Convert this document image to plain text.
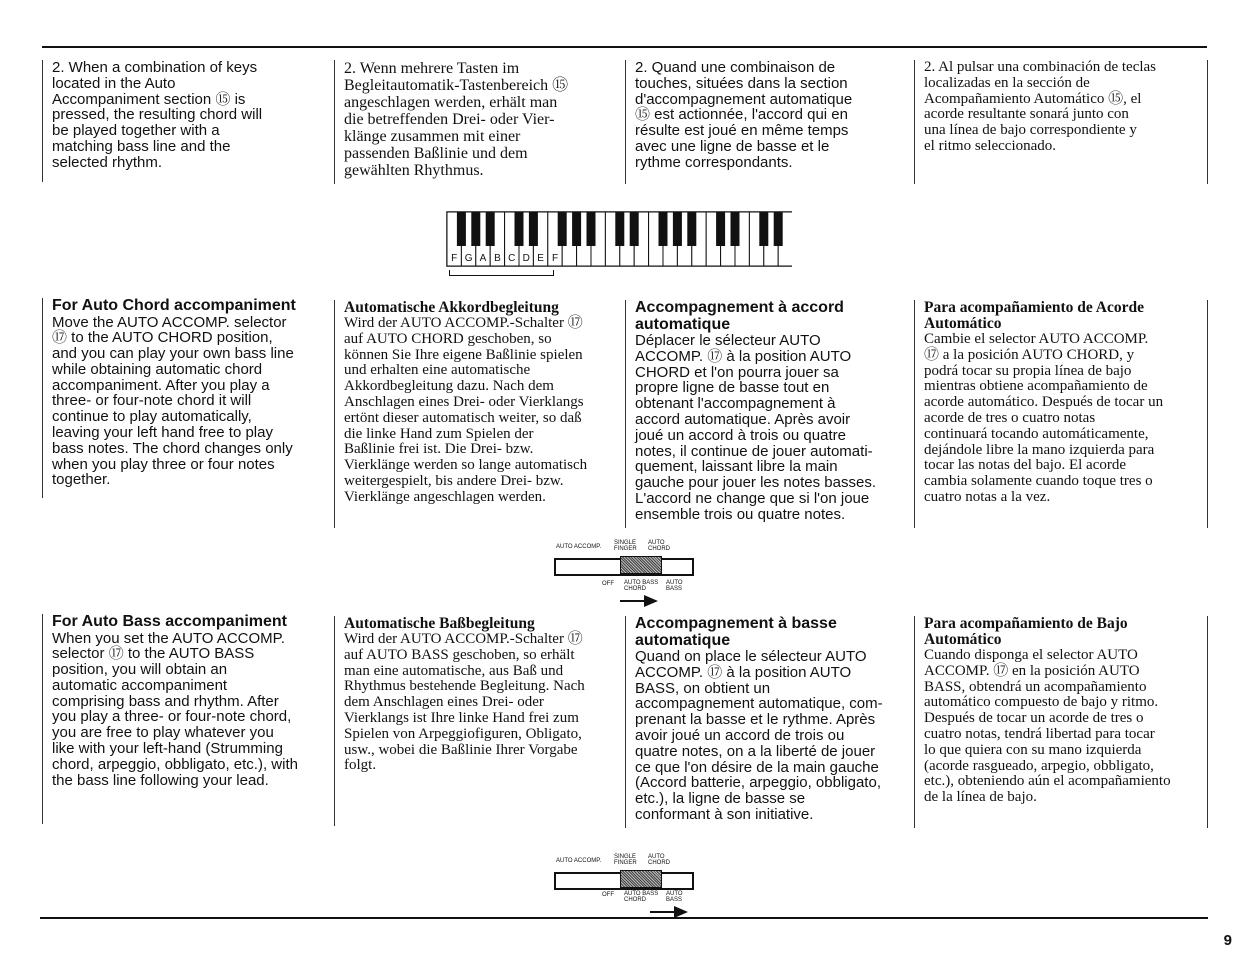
2. When a combination of keys
located in the Auto
Accompaniment section ⑮ is
pressed, the resulting chord will
be played together with a
matching bass line and the
selected rhythm.

2. Wenn mehrere Tasten im
Begleitautomatik-Tastenbereich ⑮
angeschlagen werden, erhält man
die betreffenden Drei- oder Vier-
klänge zusammen mit einer
passenden Baßlinie und dem
gewählten Rhythmus.

2. Quand une combinaison de
touches, situées dans la section
d'accompagnement automatique
⑮ est actionnée, l'accord qui en
résulte est joué en même temps
avec une ligne de basse et le
rythme correspondants.

2. Al pulsar una combinación de teclas
localizadas en la sección de
Acompañamiento Automático ⑮, el
acorde resultante sonará junto con
una línea de bajo correspondiente y
el ritmo seleccionado.

F G A B C D E F

For Auto Chord accompaniment

Move the AUTO ACCOMP. selector
⑰ to the AUTO CHORD position,
and you can play your own bass line
while obtaining automatic chord
accompaniment. After you play a
three- or four-note chord it will
continue to play automatically,
leaving your left hand free to play
bass notes. The chord changes only
when you play three or four notes
together.

Automatische Akkordbegleitung

Wird der AUTO ACCOMP.-Schalter ⑰
auf AUTO CHORD geschoben, so
können Sie Ihre eigene Baßlinie spielen
und erhalten eine automatische
Akkordbegleitung dazu. Nach dem
Anschlagen eines Drei- oder Vierklangs
ertönt dieser automatisch weiter, so daß
die linke Hand zum Spielen der
Baßlinie frei ist. Die Drei- bzw.
Vierklänge werden so lange automatisch
weitergespielt, bis andere Drei- bzw.
Vierklänge angeschlagen werden.

Accompagnement à accord
automatique

Déplacer le sélecteur AUTO
ACCOMP. ⑰ à la position AUTO
CHORD et l'on pourra jouer sa
propre ligne de basse tout en
obtenant l'accompagnement à
accord automatique. Après avoir
joué un accord à trois ou quatre
notes, il continue de jouer automati-
quement, laissant libre la main
gauche pour jouer les notes basses.
L'accord ne change que si l'on joue
ensemble trois ou quatre notes.

Para acompañamiento de Acorde
Automático

Cambie el selector AUTO ACCOMP.
⑰ a la posición AUTO CHORD, y
podrá tocar su propia línea de bajo
mientras obtiene acompañamiento de
acorde automático. Después de tocar un
acorde de tres o cuatro notas
continuará tocando automáticamente,
dejándole libre la mano izquierda para
tocar las notas del bajo. El acorde
cambia solamente cuando toque tres o
cuatro notas a la vez.

AUTO ACCOMP.
SINGLE
FINGER
AUTO
CHORD
OFF AUTO BASS
CHORD
AUTO
BASS

For Auto Bass accompaniment

When you set the AUTO ACCOMP.
selector ⑰ to the AUTO BASS
position, you will obtain an
automatic accompaniment
comprising bass and rhythm. After
you play a three- or four-note chord,
you are free to play whatever you
like with your left-hand (Strumming
chord, arpeggio, obbligato, etc.), with
the bass line following your lead.

Automatische Baßbegleitung

Wird der AUTO ACCOMP.-Schalter ⑰
auf AUTO BASS geschoben, so erhält
man eine automatische, aus Baß und
Rhythmus bestehende Begleitung. Nach
dem Anschlagen eines Drei- oder
Vierklangs ist Ihre linke Hand frei zum
Spielen von Arpeggiofiguren, Obligato,
usw., wobei die Baßlinie Ihrer Vorgabe
folgt.

Accompagnement à basse
automatique

Quand on place le sélecteur AUTO
ACCOMP. ⑰ à la position AUTO
BASS, on obtient un
accompagnement automatique, com-
prenant la basse et le rythme. Après
avoir joué un accord de trois ou
quatre notes, on a la liberté de jouer
ce que l'on désire de la main gauche
(Accord batterie, arpeggio, obbligato,
etc.), la ligne de basse se
conformant à son initiative.

Para acompañamiento de Bajo
Automático

Cuando disponga el selector AUTO
ACCOMP. ⑰ en la posición AUTO
BASS, obtendrá un acompañamiento
automático compuesto de bajo y ritmo.
Después de tocar un acorde de tres o
cuatro notas, tendrá libertad para tocar
lo que quiera con su mano izquierda
(acorde rasgueado, arpegio, obbligato,
etc.), obteniendo aún el acompañamiento
de la línea de bajo.

AUTO ACCOMP.
SINGLE
FINGER
AUTO
CHORD
OFF AUTO BASS
CHORD
AUTO
BASS
9
